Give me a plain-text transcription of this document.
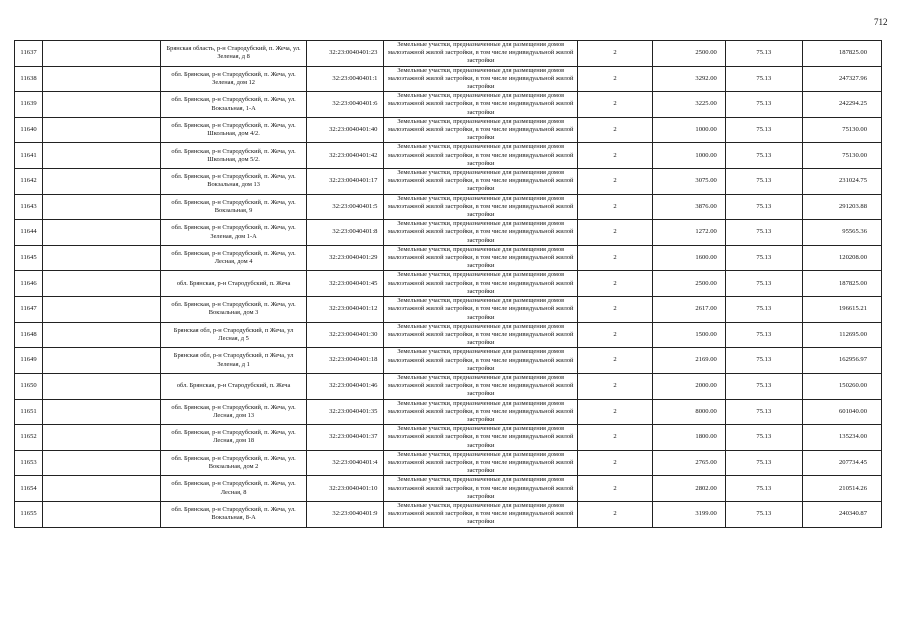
712
11637		Брянская область, р-н Стародубский, п. Жеча, ул. Зеленая, д 8	32:23:0040401:23	Земельные участки, предназначенные для размещения домов малоэтажной жилой застройки, в том числе индивидуальной жилой застройки	2	2500.00	75.13	187825.00
11638		обл. Брянская, р-н Стародубский, п. Жеча, ул. Зеленая, дом 12	32:23:0040401:1	Земельные участки, предназначенные для размещения домов малоэтажной жилой застройки, в том числе индивидуальной жилой застройки	2	3292.00	75.13	247327.96
11639		обл. Брянская, р-н Стародубский, п. Жеча, ул. Вокзальная, 1-А	32:23:0040401:6	Земельные участки, предназначенные для размещения домов малоэтажной жилой застройки, в том числе индивидуальной жилой застройки	2	3225.00	75.13	242294.25
11640		обл. Брянская, р-н Стародубский, п. Жеча, ул. Школьная, дом 4/2.	32:23:0040401:40	Земельные участки, предназначенные для размещения домов малоэтажной жилой застройки, в том числе индивидуальной жилой застройки	2	1000.00	75.13	75130.00
11641		обл. Брянская, р-н Стародубский, п. Жеча, ул. Школьная, дом 5/2.	32:23:0040401:42	Земельные участки, предназначенные для размещения домов малоэтажной жилой застройки, в том числе индивидуальной жилой застройки	2	1000.00	75.13	75130.00
11642		обл. Брянская, р-н Стародубский, п. Жеча, ул. Вокзальная, дом 13	32:23:0040401:17	Земельные участки, предназначенные для размещения домов малоэтажной жилой застройки, в том числе индивидуальной жилой застройки	2	3075.00	75.13	231024.75
11643		обл. Брянская, р-н Стародубский, п. Жеча, ул. Вокзальная, 9	32:23:0040401:5	Земельные участки, предназначенные для размещения домов малоэтажной жилой застройки, в том числе индивидуальной жилой застройки	2	3876.00	75.13	291203.88
11644		обл. Брянская, р-н Стародубский, п. Жеча, ул. Зеленая, дом 1-А	32:23:0040401:8	Земельные участки, предназначенные для размещения домов малоэтажной жилой застройки, в том числе индивидуальной жилой застройки	2	1272.00	75.13	95565.36
11645		обл. Брянская, р-н Стародубский, п. Жеча, ул. Лесная, дом 4	32:23:0040401:29	Земельные участки, предназначенные для размещения домов малоэтажной жилой застройки, в том числе индивидуальной жилой застройки	2	1600.00	75.13	120208.00
11646		обл. Брянская, р-н Стародубский, п. Жеча	32:23:0040401:45	Земельные участки, предназначенные для размещения домов малоэтажной жилой застройки, в том числе индивидуальной жилой застройки	2	2500.00	75.13	187825.00
11647		обл. Брянская, р-н Стародубский, п. Жеча, ул. Вокзальная, дом 3	32:23:0040401:12	Земельные участки, предназначенные для размещения домов малоэтажной жилой застройки, в том числе индивидуальной жилой застройки	2	2617.00	75.13	196615.21
11648		Брянская обл, р-н Стародубский, п Жеча, ул Лесная, д 5	32:23:0040401:30	Земельные участки, предназначенные для размещения домов малоэтажной жилой застройки, в том числе индивидуальной жилой застройки	2	1500.00	75.13	112695.00
11649		Брянская обл, р-н Стародубский, п Жеча, ул Зеленая, д 1	32:23:0040401:18	Земельные участки, предназначенные для размещения домов малоэтажной жилой застройки, в том числе индивидуальной жилой застройки	2	2169.00	75.13	162956.97
11650		обл. Брянская, р-н Стародубский, п. Жеча	32:23:0040401:46	Земельные участки, предназначенные для размещения домов малоэтажной жилой застройки, в том числе индивидуальной жилой застройки	2	2000.00	75.13	150260.00
11651		обл. Брянская, р-н Стародубский, п. Жеча, ул. Лесная, дом 13	32:23:0040401:35	Земельные участки, предназначенные для размещения домов малоэтажной жилой застройки, в том числе индивидуальной жилой застройки	2	8000.00	75.13	601040.00
11652		обл. Брянская, р-н Стародубский, п. Жеча, ул. Лесная, дом 18	32:23:0040401:37	Земельные участки, предназначенные для размещения домов малоэтажной жилой застройки, в том числе индивидуальной жилой застройки	2	1800.00	75.13	135234.00
11653		обл. Брянская, р-н Стародубский, п. Жеча, ул. Вокзальная, дом 2	32:23:0040401:4	Земельные участки, предназначенные для размещения домов малоэтажной жилой застройки, в том числе индивидуальной жилой застройки	2	2765.00	75.13	207734.45
11654		обл. Брянская, р-н Стародубский, п. Жеча, ул. Лесная, 8	32:23:0040401:10	Земельные участки, предназначенные для размещения домов малоэтажной жилой застройки, в том числе индивидуальной жилой застройки	2	2802.00	75.13	210514.26
11655		обл. Брянская, р-н Стародубский, п. Жеча, ул. Вокзальная, 8-А	32:23:0040401:9	Земельные участки, предназначенные для размещения домов малоэтажной жилой застройки, в том числе индивидуальной жилой застройки	2	3199.00	75.13	240340.87
